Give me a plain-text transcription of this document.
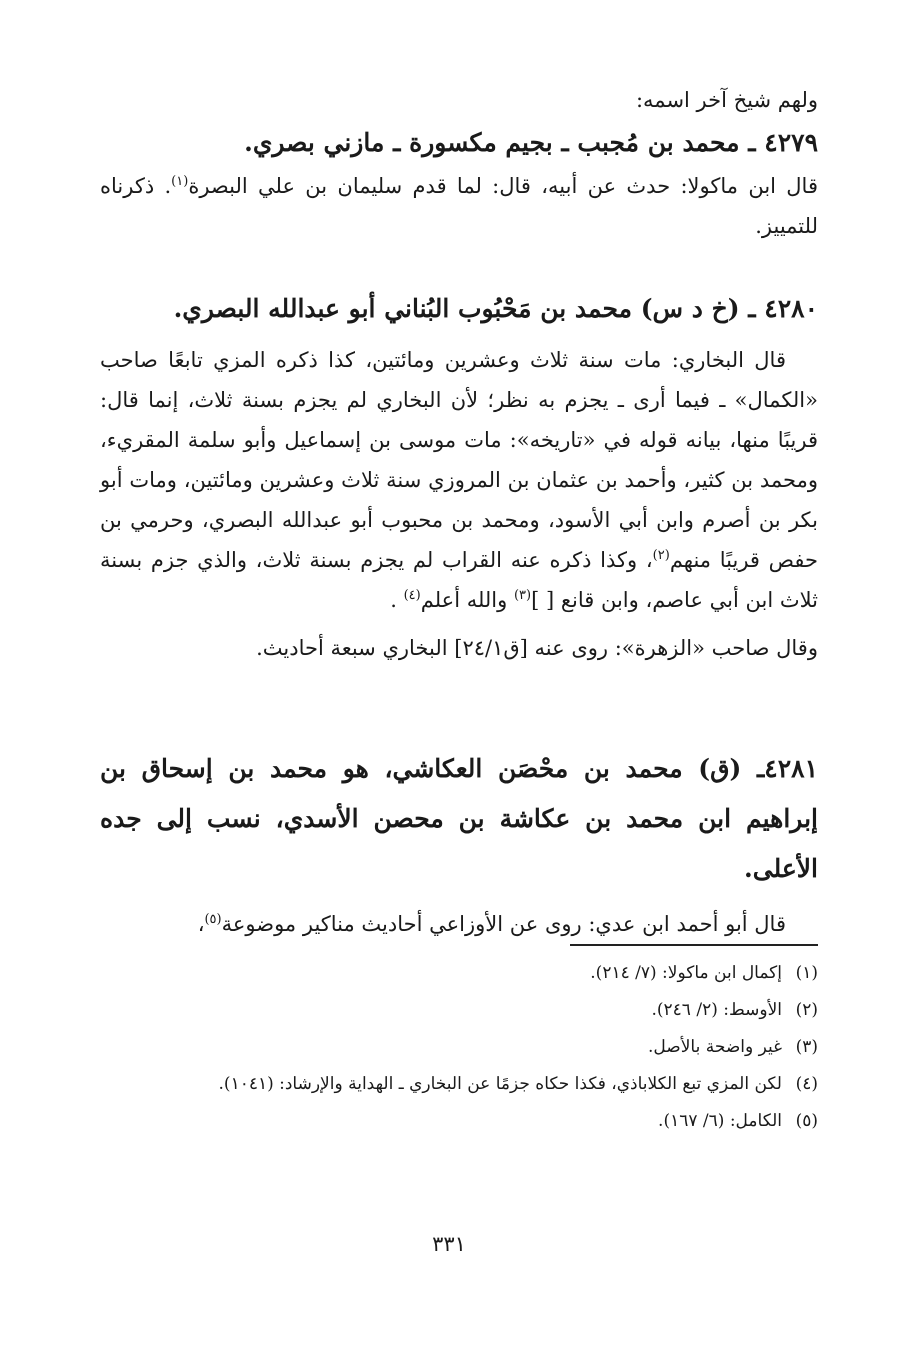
ولهم شيخ آخر اسمه:

٤٢٧٩ ـ محمد بن مُجبب ـ بجيم مكسورة ـ مازني بصري.

قال ابن ماكولا: حدث عن أبيه، قال: لما قدم سليمان بن علي البصرة$^{(١)}$. ذكرناه للتمييز.

٤٢٨٠ ـ (خ د س) محمد بن مَحْبُوب البُناني أبو عبدالله البصري.

قال البخاري: مات سنة ثلاث وعشرين ومائتين، كذا ذكره المزي تابعًا صاحب «الكمال» ـ فيما أرى ـ يجزم به نظر؛ لأن البخاري لم يجزم بسنة ثلاث، إنما قال: قريبًا منها، بيانه قوله في «تاريخه»: مات موسى بن إسماعيل وأبو سلمة المقريء، ومحمد بن كثير، وأحمد بن عثمان بن المروزي سنة ثلاث وعشرين ومائتين، ومات أبو بكر بن أصرم وابن أبي الأسود، ومحمد بن محبوب أبو عبدالله البصري، وحرمي بن حفص قريبًا منهم$^{(٢)}$، وكذا ذكره عنه القراب لم يجزم بسنة ثلاث، والذي جزم بسنة ثلاث ابن أبي عاصم، وابن قانع [ ]$^{(٣)}$ والله أعلم$^{(٤)}$ .

وقال صاحب «الزهرة»: روى عنه [ق٢٤/١] البخاري سبعة أحاديث.

٤٢٨١ـ (ق) محمد بن محْصَن العكاشي، هو محمد بن إسحاق بن إبراهيم ابن محمد بن عكاشة بن محصن الأسدي، نسب إلى جده الأعلى.

قال أبو أحمد ابن عدي: روى عن الأوزاعي أحاديث مناكير موضوعة$^{(٥)}$،

(١)
إكمال ابن ماكولا: (٧/ ٢١٤).
(٢)
الأوسط: (٢/ ٢٤٦).
(٣)
غير واضحة بالأصل.
(٤)
لكن المزي تبع الكلاباذي، فكذا حكاه جزمًا عن البخاري ـ الهداية والإرشاد: (١٠٤١).
(٥)
الكامل: (٦/ ١٦٧).
٣٣١
